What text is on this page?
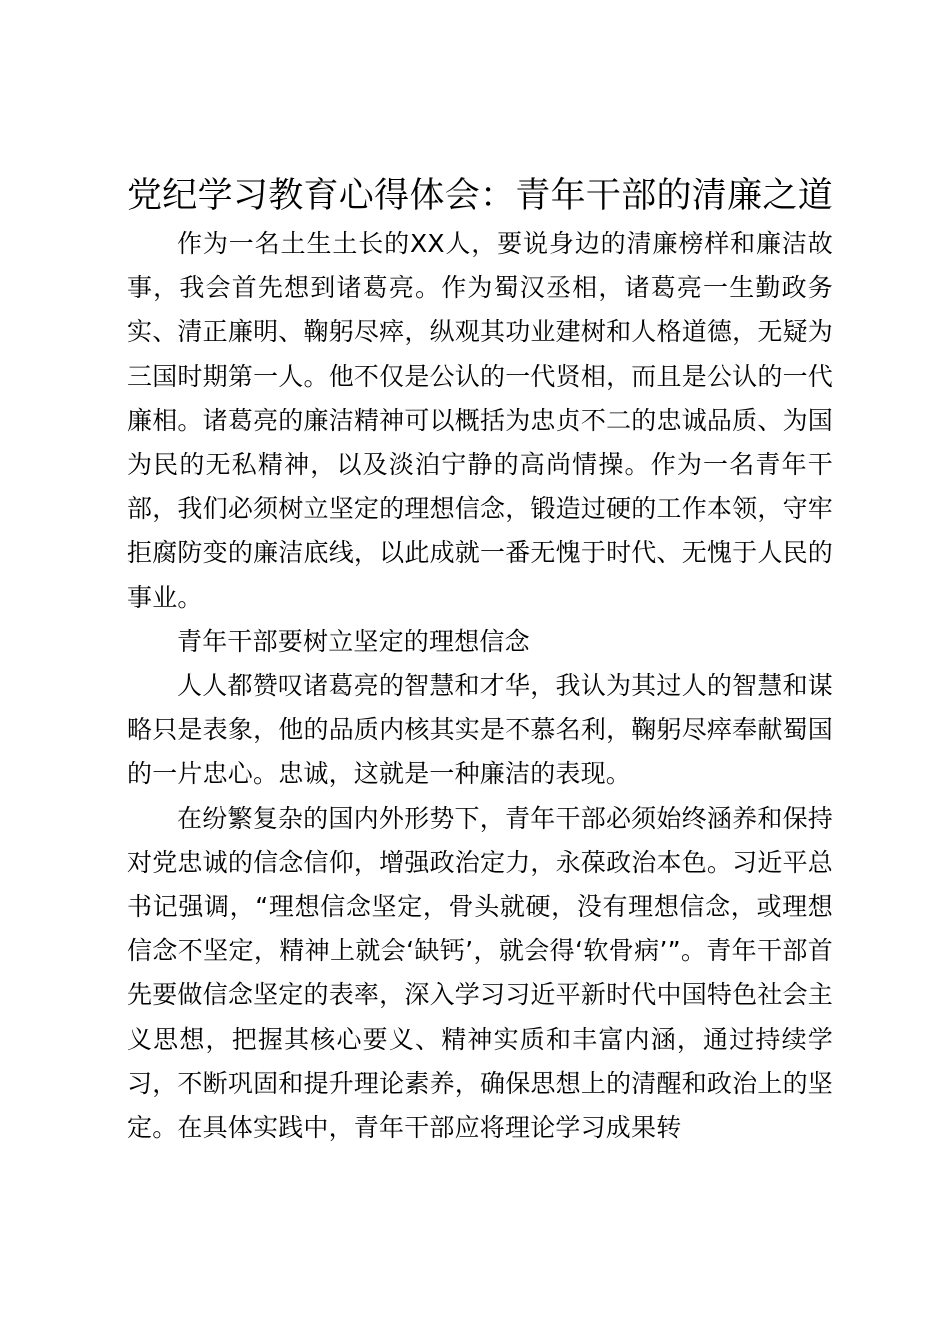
党纪学习教育心得体会：青年干部的清廉之道

作为一名土生土长的XX人，要说身边的清廉榜样和廉洁故事，我会首先想到诸葛亮。作为蜀汉丞相，诸葛亮一生勤政务实、清正廉明、鞠躬尽瘁，纵观其功业建树和人格道德，无疑为三国时期第一人。他不仅是公认的一代贤相，而且是公认的一代廉相。诸葛亮的廉洁精神可以概括为忠贞不二的忠诚品质、为国为民的无私精神，以及淡泊宁静的高尚情操。作为一名青年干部，我们必须树立坚定的理想信念，锻造过硬的工作本领，守牢拒腐防变的廉洁底线，以此成就一番无愧于时代、无愧于人民的事业。

青年干部要树立坚定的理想信念

人人都赞叹诸葛亮的智慧和才华，我认为其过人的智慧和谋略只是表象，他的品质内核其实是不慕名利，鞠躬尽瘁奉献蜀国的一片忠心。忠诚，这就是一种廉洁的表现。

在纷繁复杂的国内外形势下，青年干部必须始终涵养和保持对党忠诚的信念信仰，增强政治定力，永葆政治本色。习近平总书记强调，“理想信念坚定，骨头就硬，没有理想信念，或理想信念不坚定，精神上就会‘缺钙’，就会得‘软骨病’”。青年干部首先要做信念坚定的表率，深入学习习近平新时代中国特色社会主义思想，把握其核心要义、精神实质和丰富内涵，通过持续学习，不断巩固和提升理论素养，确保思想上的清醒和政治上的坚定。在具体实践中，青年干部应将理论学习成果转
